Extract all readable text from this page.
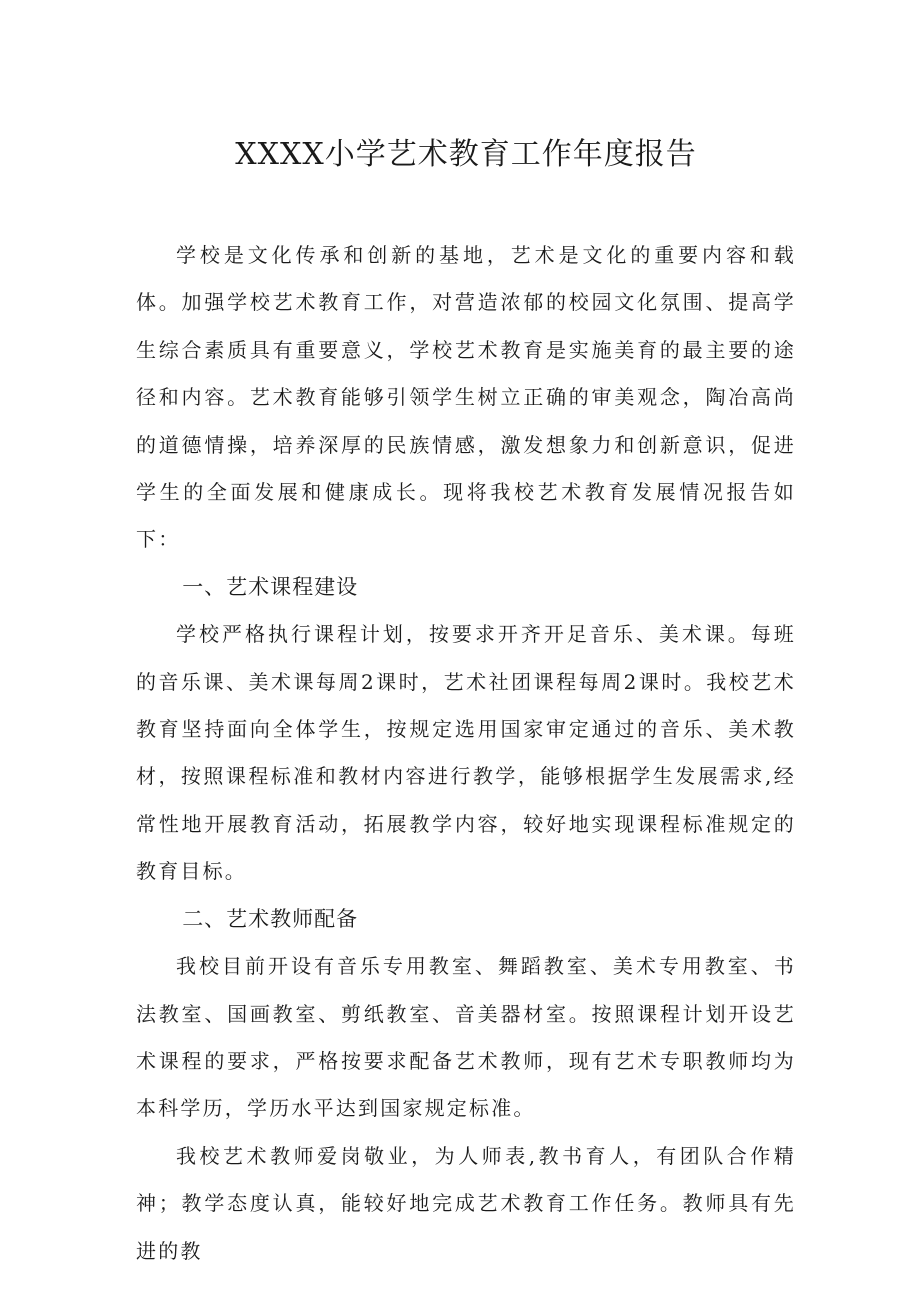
XXXX小学艺术教育工作年度报告

学校是文化传承和创新的基地，艺术是文化的重要内容和载体。加强学校艺术教育工作，对营造浓郁的校园文化氛围、提高学生综合素质具有重要意义，学校艺术教育是实施美育的最主要的途径和内容。艺术教育能够引领学生树立正确的审美观念，陶冶高尚的道德情操，培养深厚的民族情感，激发想象力和创新意识，促进学生的全面发展和健康成长。现将我校艺术教育发展情况报告如下：

一、艺术课程建设

学校严格执行课程计划，按要求开齐开足音乐、美术课。每班的音乐课、美术课每周2课时，艺术社团课程每周2课时。我校艺术教育坚持面向全体学生，按规定选用国家审定通过的音乐、美术教材，按照课程标准和教材内容进行教学，能够根据学生发展需求,经常性地开展教育活动，拓展教学内容，较好地实现课程标准规定的教育目标。

二、艺术教师配备

我校目前开设有音乐专用教室、舞蹈教室、美术专用教室、书法教室、国画教室、剪纸教室、音美器材室。按照课程计划开设艺术课程的要求，严格按要求配备艺术教师，现有艺术专职教师均为本科学历，学历水平达到国家规定标准。

我校艺术教师爱岗敬业，为人师表,教书育人，有团队合作精神；教学态度认真，能较好地完成艺术教育工作任务。教师具有先进的教
